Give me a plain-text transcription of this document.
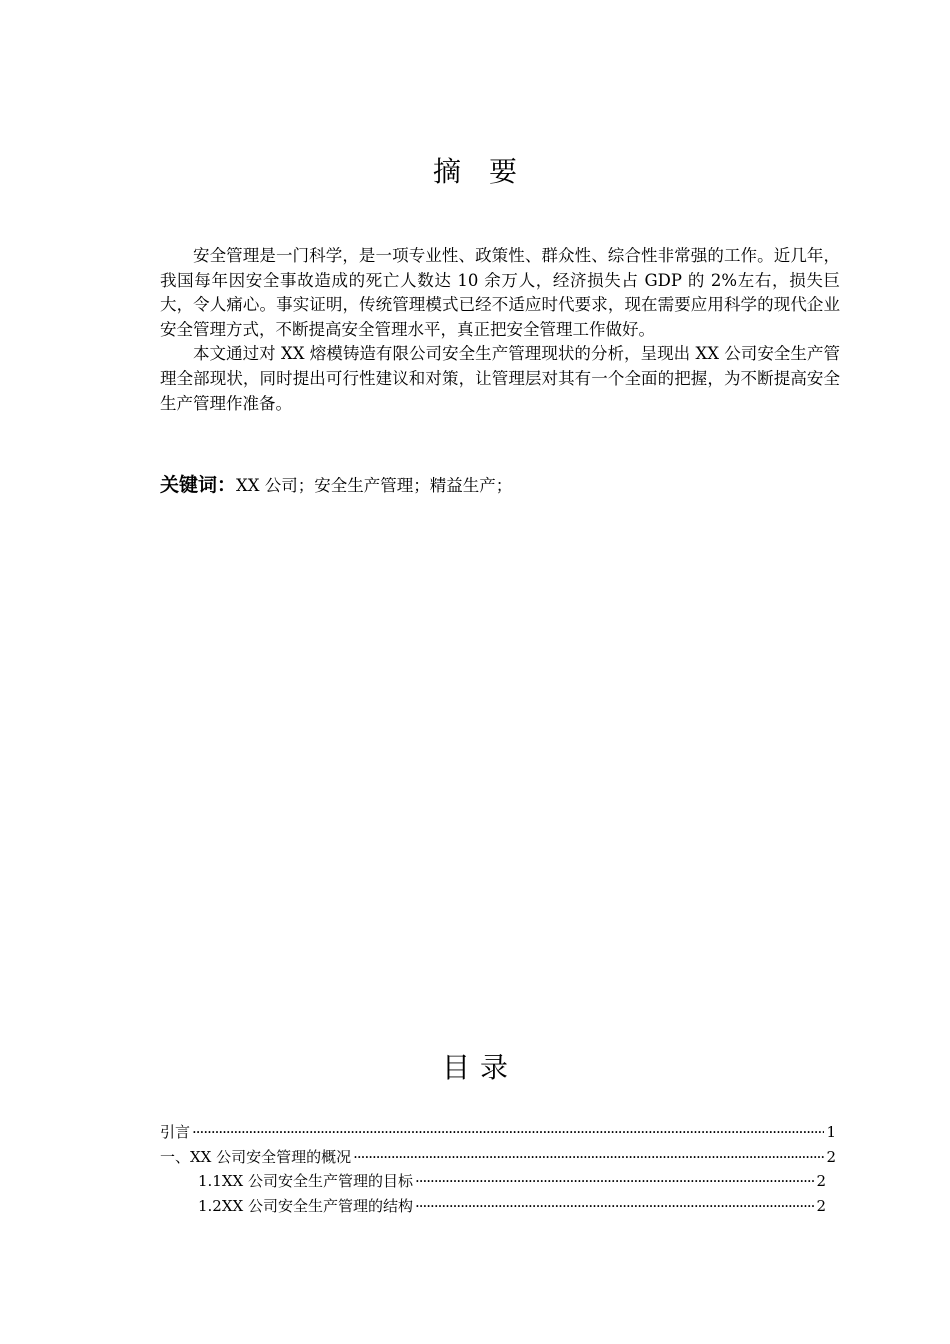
摘要

安全管理是一门科学，是一项专业性、政策性、群众性、综合性非常强的工作。近几年，我国每年因安全事故造成的死亡人数达 10 余万人，经济损失占 GDP 的 2%左右，损失巨大，令人痛心。事实证明，传统管理模式已经不适应时代要求，现在需要应用科学的现代企业安全管理方式，不断提高安全管理水平，真正把安全管理工作做好。

本文通过对 XX 熔模铸造有限公司安全生产管理现状的分析，呈现出 XX 公司安全生产管理全部现状，同时提出可行性建议和对策，让管理层对其有一个全面的把握，为不断提高安全生产管理作准备。

关键词：XX 公司；安全生产管理；精益生产；
目录
引言 ·····	1
一、XX 公司安全管理的概况 ·····	2
1.1XX 公司安全生产管理的目标 ·····	2
1.2XX 公司安全生产管理的结构 ·····	2
